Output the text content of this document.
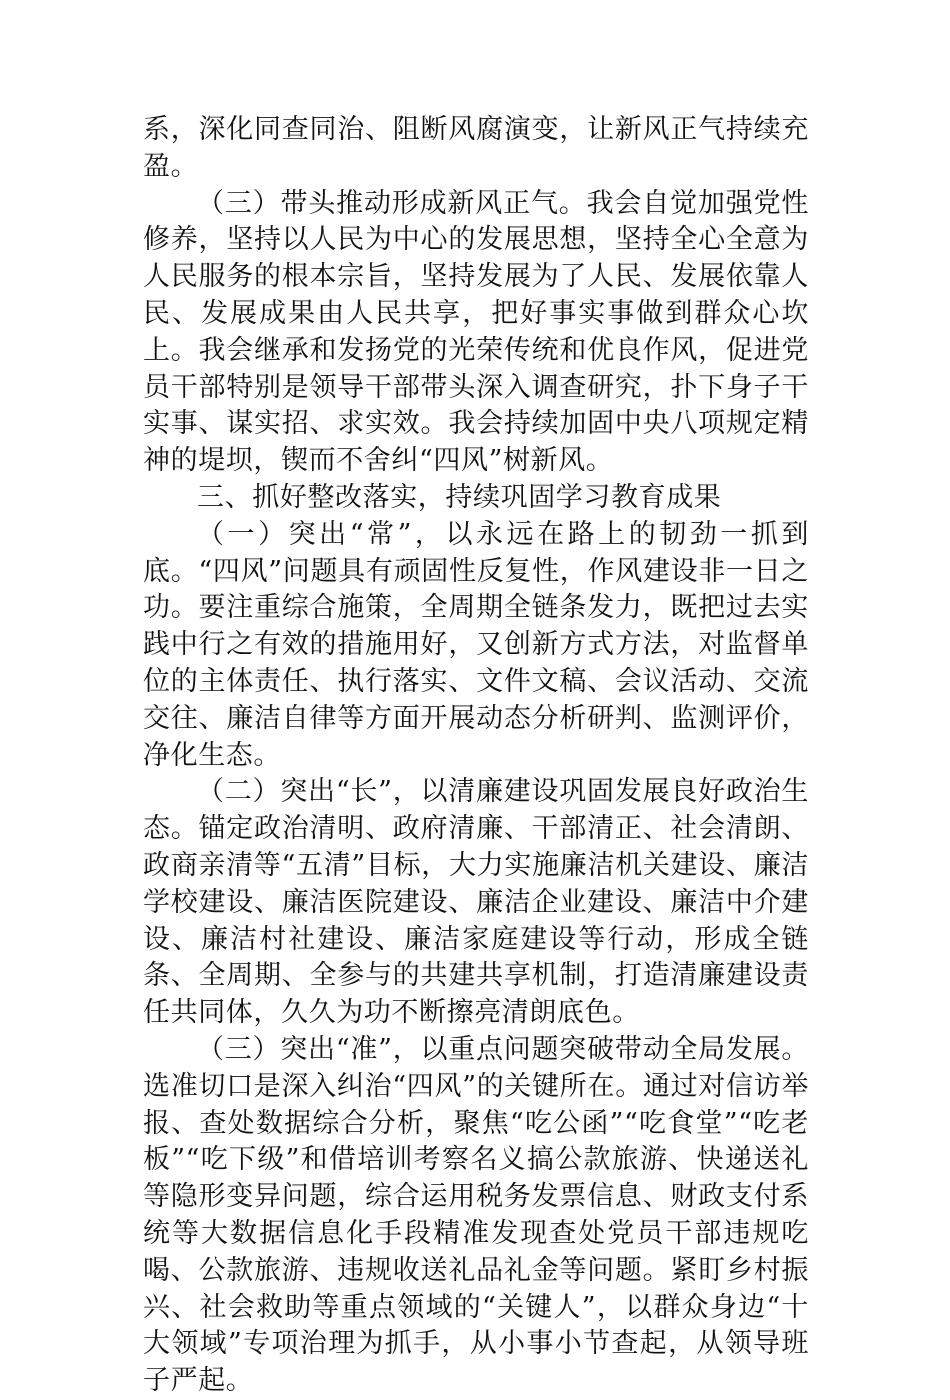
系，深化同查同治、阻断风腐演变，让新风正气持续充盈。

（三）带头推动形成新风正气。我会自觉加强党性修养，坚持以人民为中心的发展思想，坚持全心全意为人民服务的根本宗旨，坚持发展为了人民、发展依靠人民、发展成果由人民共享，把好事实事做到群众心坎上。我会继承和发扬党的光荣传统和优良作风，促进党员干部特别是领导干部带头深入调查研究，扑下身子干实事、谋实招、求实效。我会持续加固中央八项规定精神的堤坝，锲而不舍纠“四风”树新风。

三、抓好整改落实，持续巩固学习教育成果

（一）突出“常”，以永远在路上的韧劲一抓到底。“四风”问题具有顽固性反复性，作风建设非一日之功。要注重综合施策，全周期全链条发力，既把过去实践中行之有效的措施用好，又创新方式方法，对监督单位的主体责任、执行落实、文件文稿、会议活动、交流交往、廉洁自律等方面开展动态分析研判、监测评价，净化生态。

（二）突出“长”，以清廉建设巩固发展良好政治生态。锚定政治清明、政府清廉、干部清正、社会清朗、政商亲清等“五清”目标，大力实施廉洁机关建设、廉洁学校建设、廉洁医院建设、廉洁企业建设、廉洁中介建设、廉洁村社建设、廉洁家庭建设等行动，形成全链条、全周期、全参与的共建共享机制，打造清廉建设责任共同体，久久为功不断擦亮清朗底色。

（三）突出“准”，以重点问题突破带动全局发展。选准切口是深入纠治“四风”的关键所在。通过对信访举报、查处数据综合分析，聚焦“吃公函”“吃食堂”“吃老板”“吃下级”和借培训考察名义搞公款旅游、快递送礼等隐形变异问题，综合运用税务发票信息、财政支付系统等大数据信息化手段精准发现查处党员干部违规吃喝、公款旅游、违规收送礼品礼金等问题。紧盯乡村振兴、社会救助等重点领域的“关键人”，以群众身边“十大领域”专项治理为抓手，从小事小节查起，从领导班子严起。
